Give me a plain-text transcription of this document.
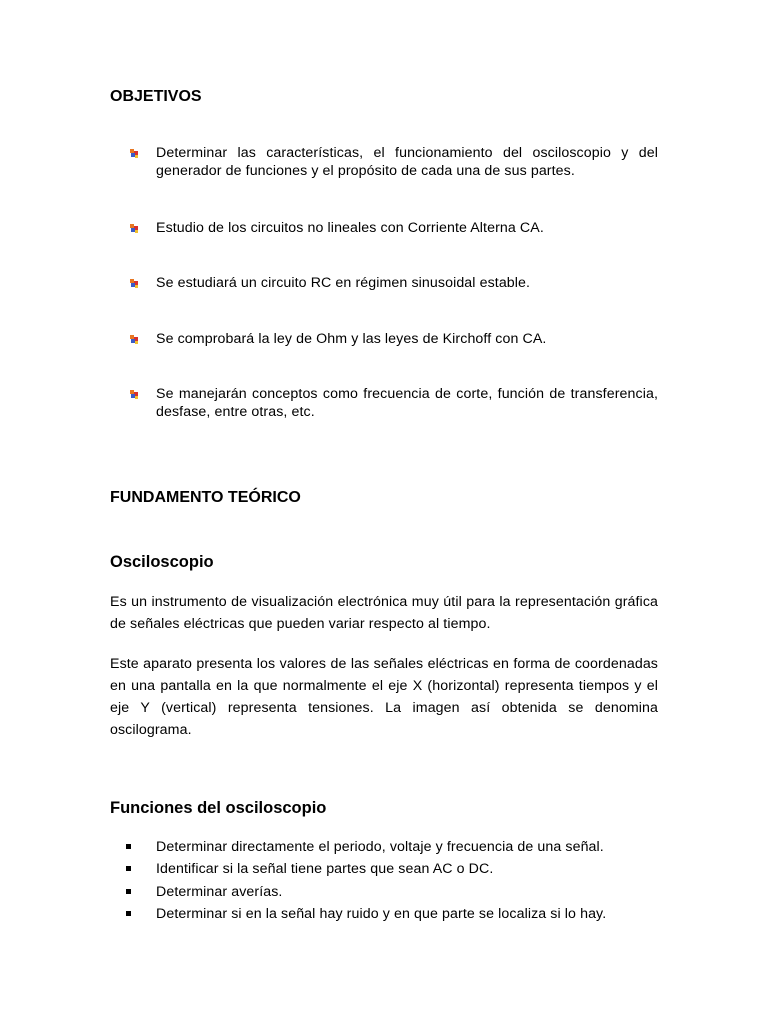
OBJETIVOS
Determinar las características, el funcionamiento del osciloscopio y del generador de funciones y el propósito de cada una de sus partes.
Estudio de los circuitos no lineales con Corriente Alterna CA.
Se estudiará un circuito RC en régimen sinusoidal estable.
Se comprobará la ley de Ohm y las leyes de Kirchoff con CA.
Se manejarán conceptos como frecuencia de corte, función de transferencia, desfase, entre otras, etc.
FUNDAMENTO TEÓRICO
Osciloscopio

Es un instrumento de visualización electrónica muy útil para la representación gráfica de señales eléctricas que pueden variar respecto al tiempo.

Este aparato presenta los valores de las señales eléctricas en forma de coordenadas en una pantalla en la que normalmente el eje X (horizontal) representa tiempos y el eje Y (vertical) representa tensiones. La imagen así obtenida se denomina oscilograma.

Funciones del osciloscopio
Determinar directamente el periodo, voltaje y frecuencia de una señal.
Identificar si la señal tiene partes que sean AC o DC.
Determinar averías.
Determinar si en la señal hay ruido y en que parte se localiza si lo hay.
